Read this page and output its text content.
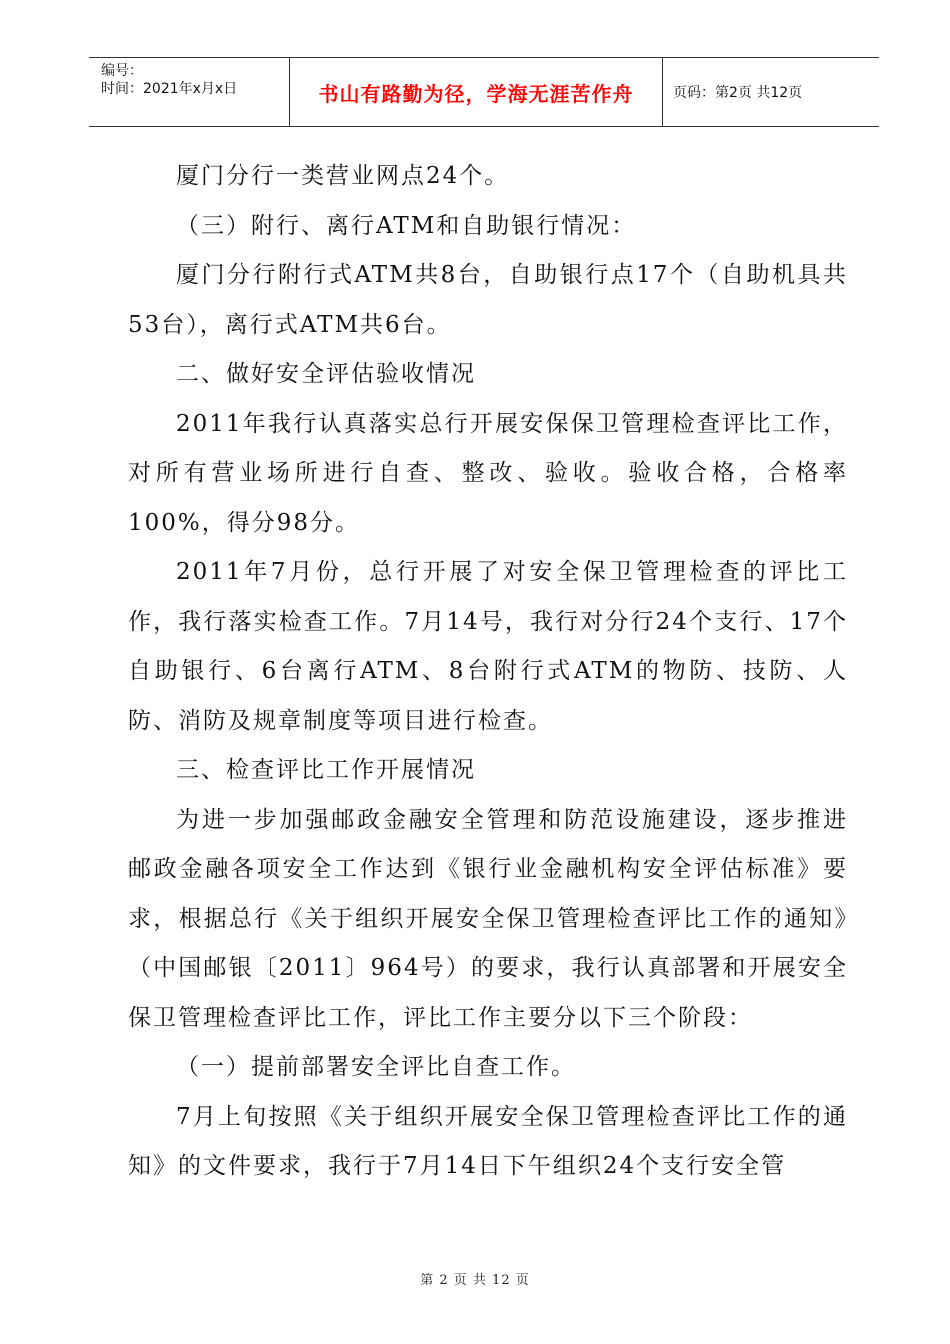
编号：
时间：2021年x月x日	书山有路勤为径，学海无涯苦作舟	页码：第2页 共12页

厦门分行一类营业网点24个。

（三）附行、离行ATM和自助银行情况：

厦门分行附行式ATM共8台，自助银行点17个（自助机具共53台），离行式ATM共6台。

二、做好安全评估验收情况

2011年我行认真落实总行开展安保保卫管理检查评比工作，对所有营业场所进行自查、整改、验收。验收合格，合格率100%，得分98分。

2011年7月份，总行开展了对安全保卫管理检查的评比工作，我行落实检查工作。7月14号，我行对分行24个支行、17个自助银行、6台离行ATM、8台附行式ATM的物防、技防、人防、消防及规章制度等项目进行检查。

三、检查评比工作开展情况

为进一步加强邮政金融安全管理和防范设施建设，逐步推进邮政金融各项安全工作达到《银行业金融机构安全评估标准》要求，根据总行《关于组织开展安全保卫管理检查评比工作的通知》（中国邮银〔2011〕964号）的要求，我行认真部署和开展安全保卫管理检查评比工作，评比工作主要分以下三个阶段：

（一）提前部署安全评比自查工作。

7月上旬按照《关于组织开展安全保卫管理检查评比工作的通知》的文件要求，我行于7月14日下午组织24个支行安全管

第 2 页 共 12 页
